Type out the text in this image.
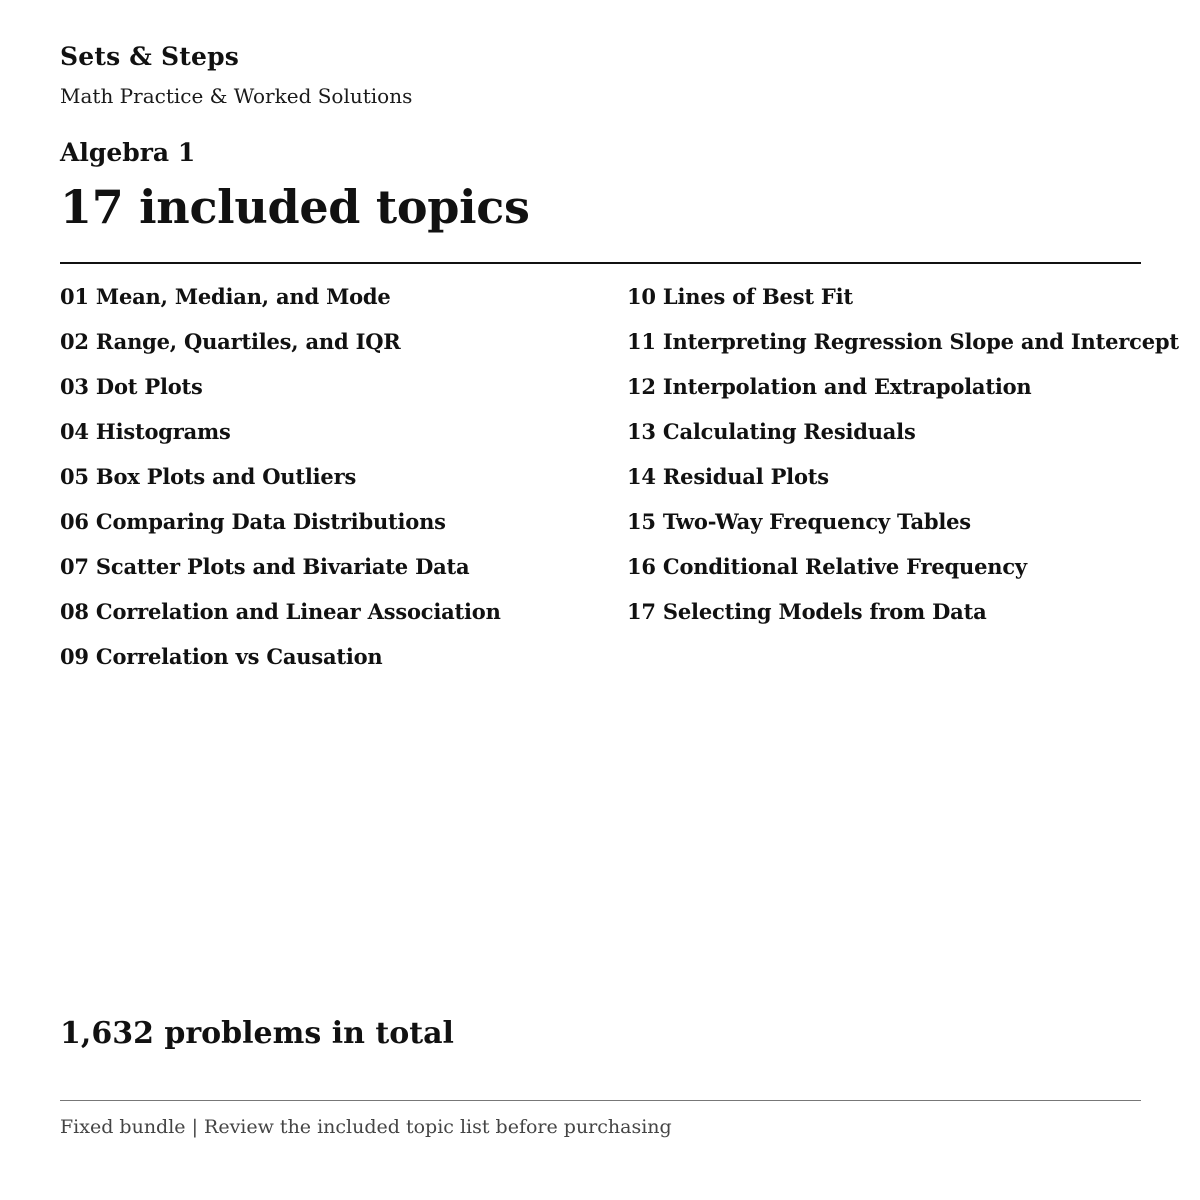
Sets & Steps
Math Practice & Worked Solutions
Algebra 1
17 included topics
01 Mean, Median, and Mode
02 Range, Quartiles, and IQR
03 Dot Plots
04 Histograms
05 Box Plots and Outliers
06 Comparing Data Distributions
07 Scatter Plots and Bivariate Data
08 Correlation and Linear Association
09 Correlation vs Causation
10 Lines of Best Fit
11 Interpreting Regression Slope and Intercept
12 Interpolation and Extrapolation
13 Calculating Residuals
14 Residual Plots
15 Two-Way Frequency Tables
16 Conditional Relative Frequency
17 Selecting Models from Data
1,632 problems in total
Fixed bundle | Review the included topic list before purchasing
